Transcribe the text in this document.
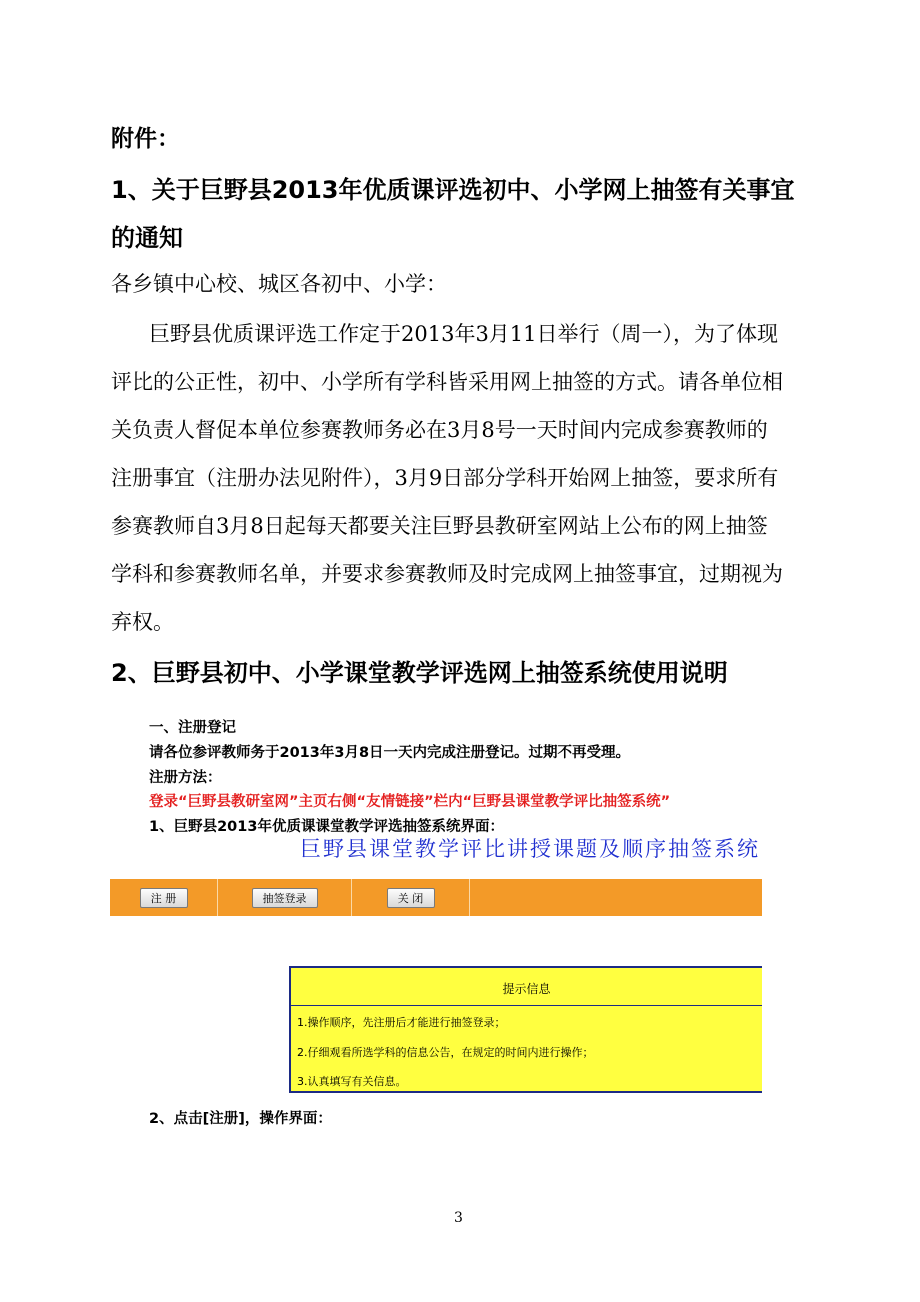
附件：
1、关于巨野县2013年优质课评选初中、小学网上抽签有关事宜
的通知
各乡镇中心校、城区各初中、小学：
巨野县优质课评选工作定于2013年3月11日举行（周一），为了体现
评比的公正性，初中、小学所有学科皆采用网上抽签的方式。请各单位相
关负责人督促本单位参赛教师务必在3月8号一天时间内完成参赛教师的
注册事宜（注册办法见附件），3月9日部分学科开始网上抽签，要求所有
参赛教师自3月8日起每天都要关注巨野县教研室网站上公布的网上抽签
学科和参赛教师名单，并要求参赛教师及时完成网上抽签事宜，过期视为
弃权。
2、巨野县初中、小学课堂教学评选网上抽签系统使用说明
一、注册登记
请各位参评教师务于2013年3月8日一天内完成注册登记。过期不再受理。
注册方法：
登录“巨野县教研室网”主页右侧“友情链接”栏内“巨野县课堂教学评比抽签系统”
1、巨野县2013年优质课课堂教学评选抽签系统界面：
巨野县课堂教学评比讲授课题及顺序抽签系统
注 册	抽签登录	关 闭
提示信息
1.操作顺序，先注册后才能进行抽签登录；
2.仔细观看所选学科的信息公告，在规定的时间内进行操作；
3.认真填写有关信息。
2、点击[注册]，操作界面：
3
